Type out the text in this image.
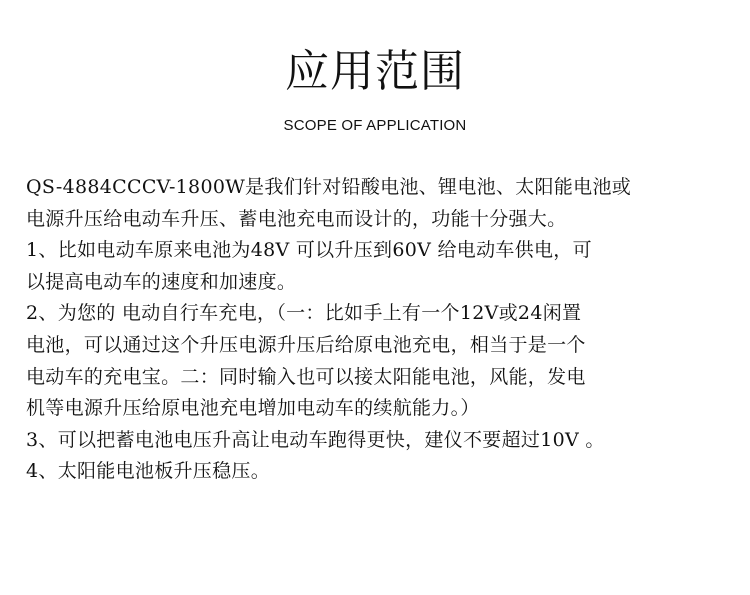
应用范围
SCOPE OF APPLICATION
QS-4884CCCV-1800W是我们针对铅酸电池、锂电池、太阳能电池或
电源升压给电动车升压、蓄电池充电而设计的，功能十分强大。
1、比如电动车原来电池为48V 可以升压到60V 给电动车供电，可
以提高电动车的速度和加速度。
2、为您的 电动自行车充电，（一：比如手上有一个12V或24闲置
电池，可以通过这个升压电源升压后给原电池充电，相当于是一个
电动车的充电宝。二：同时输入也可以接太阳能电池，风能，发电
机等电源升压给原电池充电增加电动车的续航能力。）
3、可以把蓄电池电压升高让电动车跑得更快，建仪不要超过10V 。
4、太阳能电池板升压稳压。
